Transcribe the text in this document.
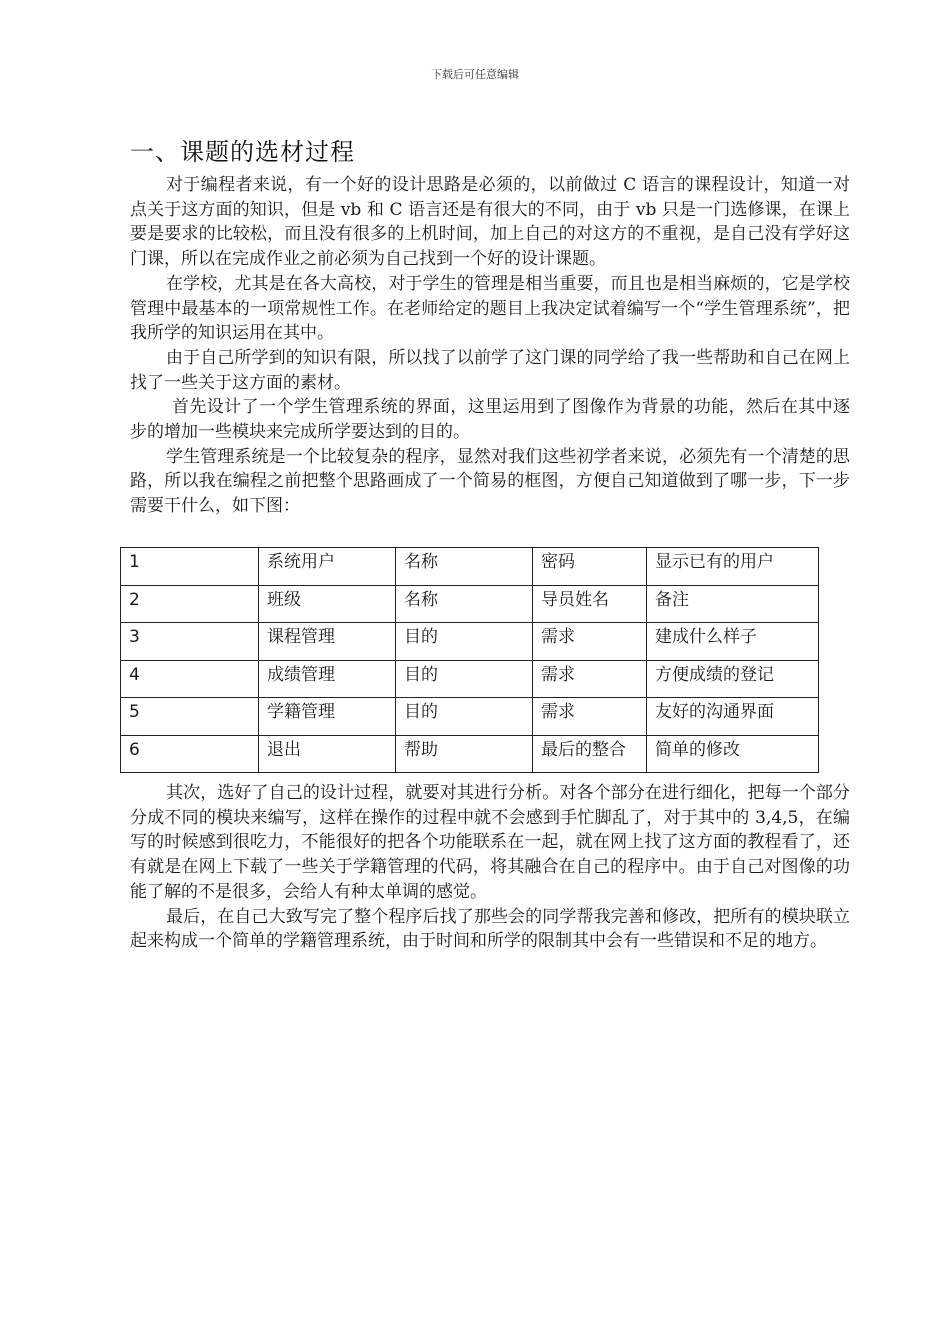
下载后可任意编辑
一、课题的选材过程

对于编程者来说，有一个好的设计思路是必须的，以前做过 C 语言的课程设计，知道一对点关于这方面的知识，但是 vb 和 C 语言还是有很大的不同，由于 vb 只是一门选修课，在课上要是要求的比较松，而且没有很多的上机时间，加上自己的对这方的不重视，是自己没有学好这门课，所以在完成作业之前必须为自己找到一个好的设计课题。

在学校，尤其是在各大高校，对于学生的管理是相当重要，而且也是相当麻烦的，它是学校管理中最基本的一项常规性工作。在老师给定的题目上我决定试着编写一个“学生管理系统”，把我所学的知识运用在其中。

由于自己所学到的知识有限，所以找了以前学了这门课的同学给了我一些帮助和自己在网上找了一些关于这方面的素材。

首先设计了一个学生管理系统的界面，这里运用到了图像作为背景的功能，然后在其中逐步的增加一些模块来完成所学要达到的目的。

学生管理系统是一个比较复杂的程序，显然对我们这些初学者来说，必须先有一个清楚的思路，所以我在编程之前把整个思路画成了一个简易的框图，方便自己知道做到了哪一步，下一步需要干什么，如下图：

1	系统用户	名称	密码	显示已有的用户
2	班级	名称	导员姓名	备注
3	课程管理	目的	需求	建成什么样子
4	成绩管理	目的	需求	方便成绩的登记
5	学籍管理	目的	需求	友好的沟通界面
6	退出	帮助	最后的整合	简单的修改

其次，选好了自己的设计过程，就要对其进行分析。对各个部分在进行细化，把每一个部分分成不同的模块来编写，这样在操作的过程中就不会感到手忙脚乱了，对于其中的 3,4,5，在编写的时候感到很吃力，不能很好的把各个功能联系在一起，就在网上找了这方面的教程看了，还有就是在网上下载了一些关于学籍管理的代码，将其融合在自己的程序中。由于自己对图像的功能了解的不是很多，会给人有种太单调的感觉。

最后，在自己大致写完了整个程序后找了那些会的同学帮我完善和修改，把所有的模块联立起来构成一个简单的学籍管理系统，由于时间和所学的限制其中会有一些错误和不足的地方。
